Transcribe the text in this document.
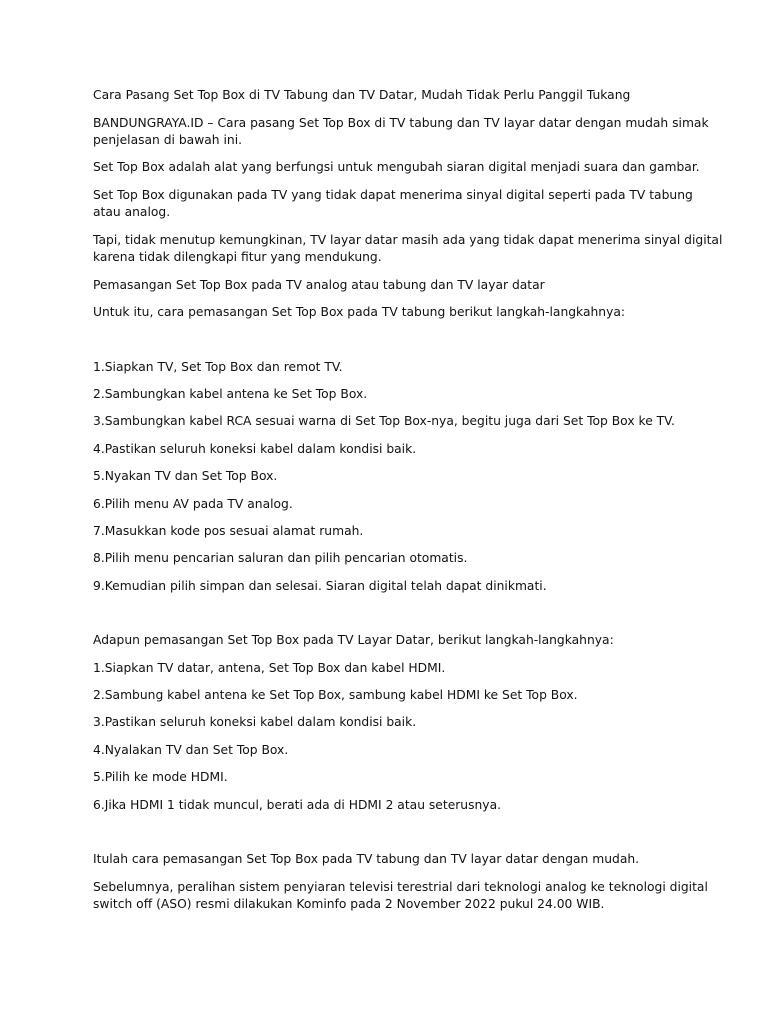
Cara Pasang Set Top Box di TV Tabung dan TV Datar, Mudah Tidak Perlu Panggil Tukang

BANDUNGRAYA.ID – Cara pasang Set Top Box di TV tabung dan TV layar datar dengan mudah simak

penjelasan di bawah ini.

Set Top Box adalah alat yang berfungsi untuk mengubah siaran digital menjadi suara dan gambar.

Set Top Box digunakan pada TV yang tidak dapat menerima sinyal digital seperti pada TV tabung

atau analog.

Tapi, tidak menutup kemungkinan, TV layar datar masih ada yang tidak dapat menerima sinyal digital

karena tidak dilengkapi fitur yang mendukung.

Pemasangan Set Top Box pada TV analog atau tabung dan TV layar datar

Untuk itu, cara pemasangan Set Top Box pada TV tabung berikut langkah-langkahnya:

1.Siapkan TV, Set Top Box dan remot TV.

2.Sambungkan kabel antena ke Set Top Box.

3.Sambungkan kabel RCA sesuai warna di Set Top Box-nya, begitu juga dari Set Top Box ke TV.

4.Pastikan seluruh koneksi kabel dalam kondisi baik.

5.Nyakan TV dan Set Top Box.

6.Pilih menu AV pada TV analog.

7.Masukkan kode pos sesuai alamat rumah.

8.Pilih menu pencarian saluran dan pilih pencarian otomatis.

9.Kemudian pilih simpan dan selesai. Siaran digital telah dapat dinikmati.

Adapun pemasangan Set Top Box pada TV Layar Datar, berikut langkah-langkahnya:

1.Siapkan TV datar, antena, Set Top Box dan kabel HDMI.

2.Sambung kabel antena ke Set Top Box, sambung kabel HDMI ke Set Top Box.

3.Pastikan seluruh koneksi kabel dalam kondisi baik.

4.Nyalakan TV dan Set Top Box.

5.Pilih ke mode HDMI.

6.Jika HDMI 1 tidak muncul, berati ada di HDMI 2 atau seterusnya.

Itulah cara pemasangan Set Top Box pada TV tabung dan TV layar datar dengan mudah.

Sebelumnya, peralihan sistem penyiaran televisi terestrial dari teknologi analog ke teknologi digital

switch off (ASO) resmi dilakukan Kominfo pada 2 November 2022 pukul 24.00 WIB.
